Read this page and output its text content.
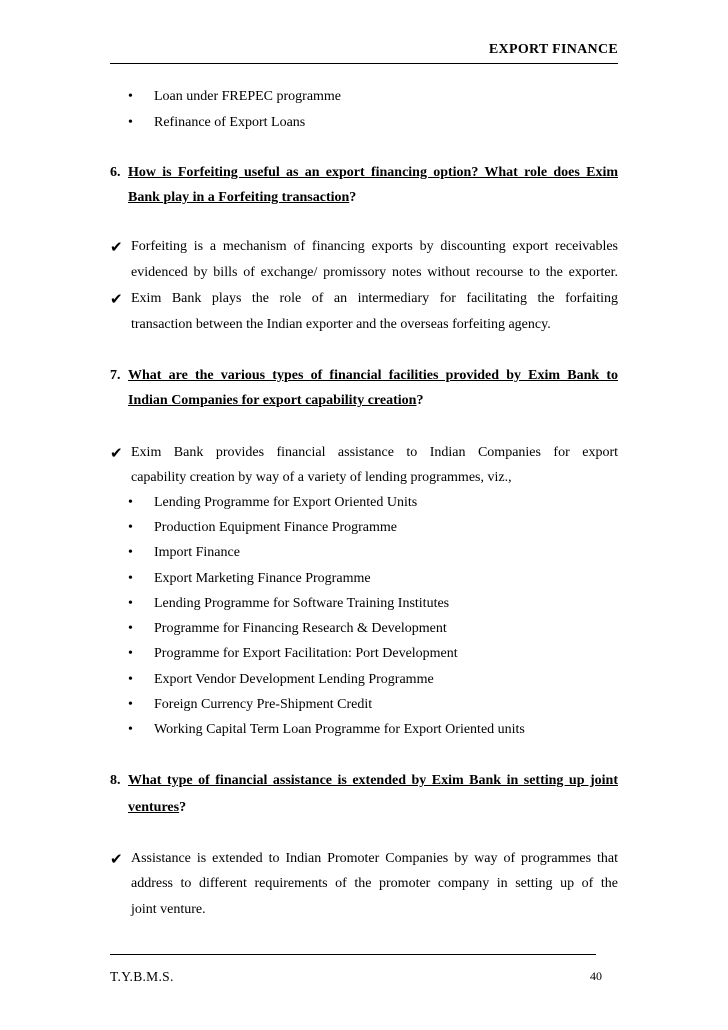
EXPORT FINANCE
• Loan under FREPEC programme
• Refinance of Export Loans
6. How is Forfeiting useful as an export financing option? What role does Exim
Bank play in a Forfeiting transaction?
✔ Forfeiting is a mechanism of financing exports by discounting export receivables
evidenced by bills of exchange/ promissory notes without recourse to the exporter.
✔ Exim Bank plays the role of an intermediary for facilitating the forfaiting
transaction between the Indian exporter and the overseas forfeiting agency.
7. What are the various types of financial facilities provided by Exim Bank to
Indian Companies for export capability creation?
✔ Exim Bank provides financial assistance to Indian Companies for export
capability creation by way of a variety of lending programmes, viz.,
• Lending Programme for Export Oriented Units
• Production Equipment Finance Programme
• Import Finance
• Export Marketing Finance Programme
• Lending Programme for Software Training Institutes
• Programme for Financing Research & Development
• Programme for Export Facilitation: Port Development
• Export Vendor Development Lending Programme
• Foreign Currency Pre-Shipment Credit
• Working Capital Term Loan Programme for Export Oriented units
8. What type of financial assistance is extended by Exim Bank in setting up joint
ventures?
✔ Assistance is extended to Indian Promoter Companies by way of programmes that
address to different requirements of the promoter company in setting up of the
joint venture.
T.Y.B.M.S.	40
